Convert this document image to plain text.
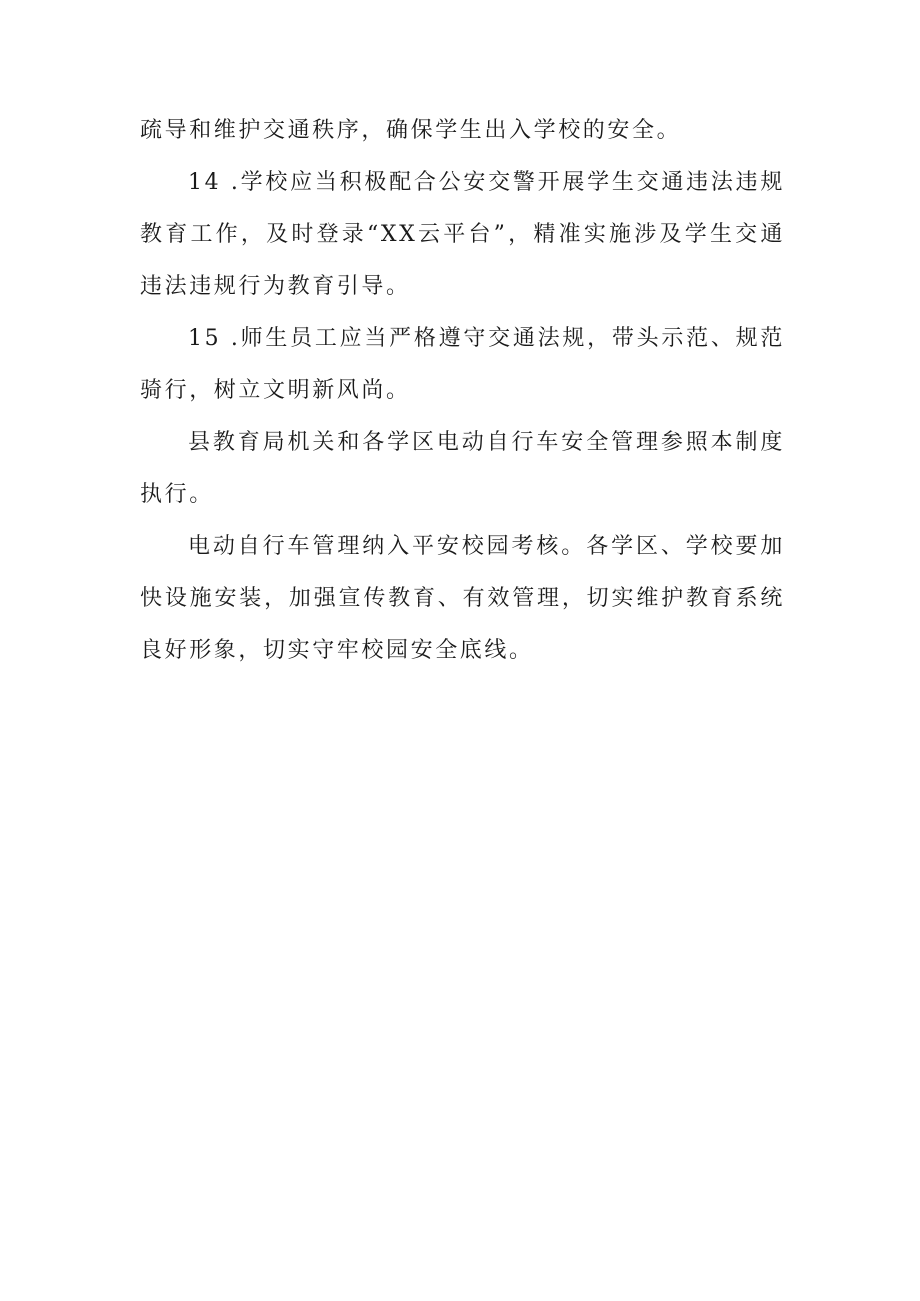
疏导和维护交通秩序，确保学生出入学校的安全。

14 .学校应当积极配合公安交警开展学生交通违法违规教育工作，及时登录“XX云平台”，精准实施涉及学生交通违法违规行为教育引导。

15 .师生员工应当严格遵守交通法规，带头示范、规范骑行，树立文明新风尚。

县教育局机关和各学区电动自行车安全管理参照本制度执行。

电动自行车管理纳入平安校园考核。各学区、学校要加快设施安装，加强宣传教育、有效管理，切实维护教育系统良好形象，切实守牢校园安全底线。
